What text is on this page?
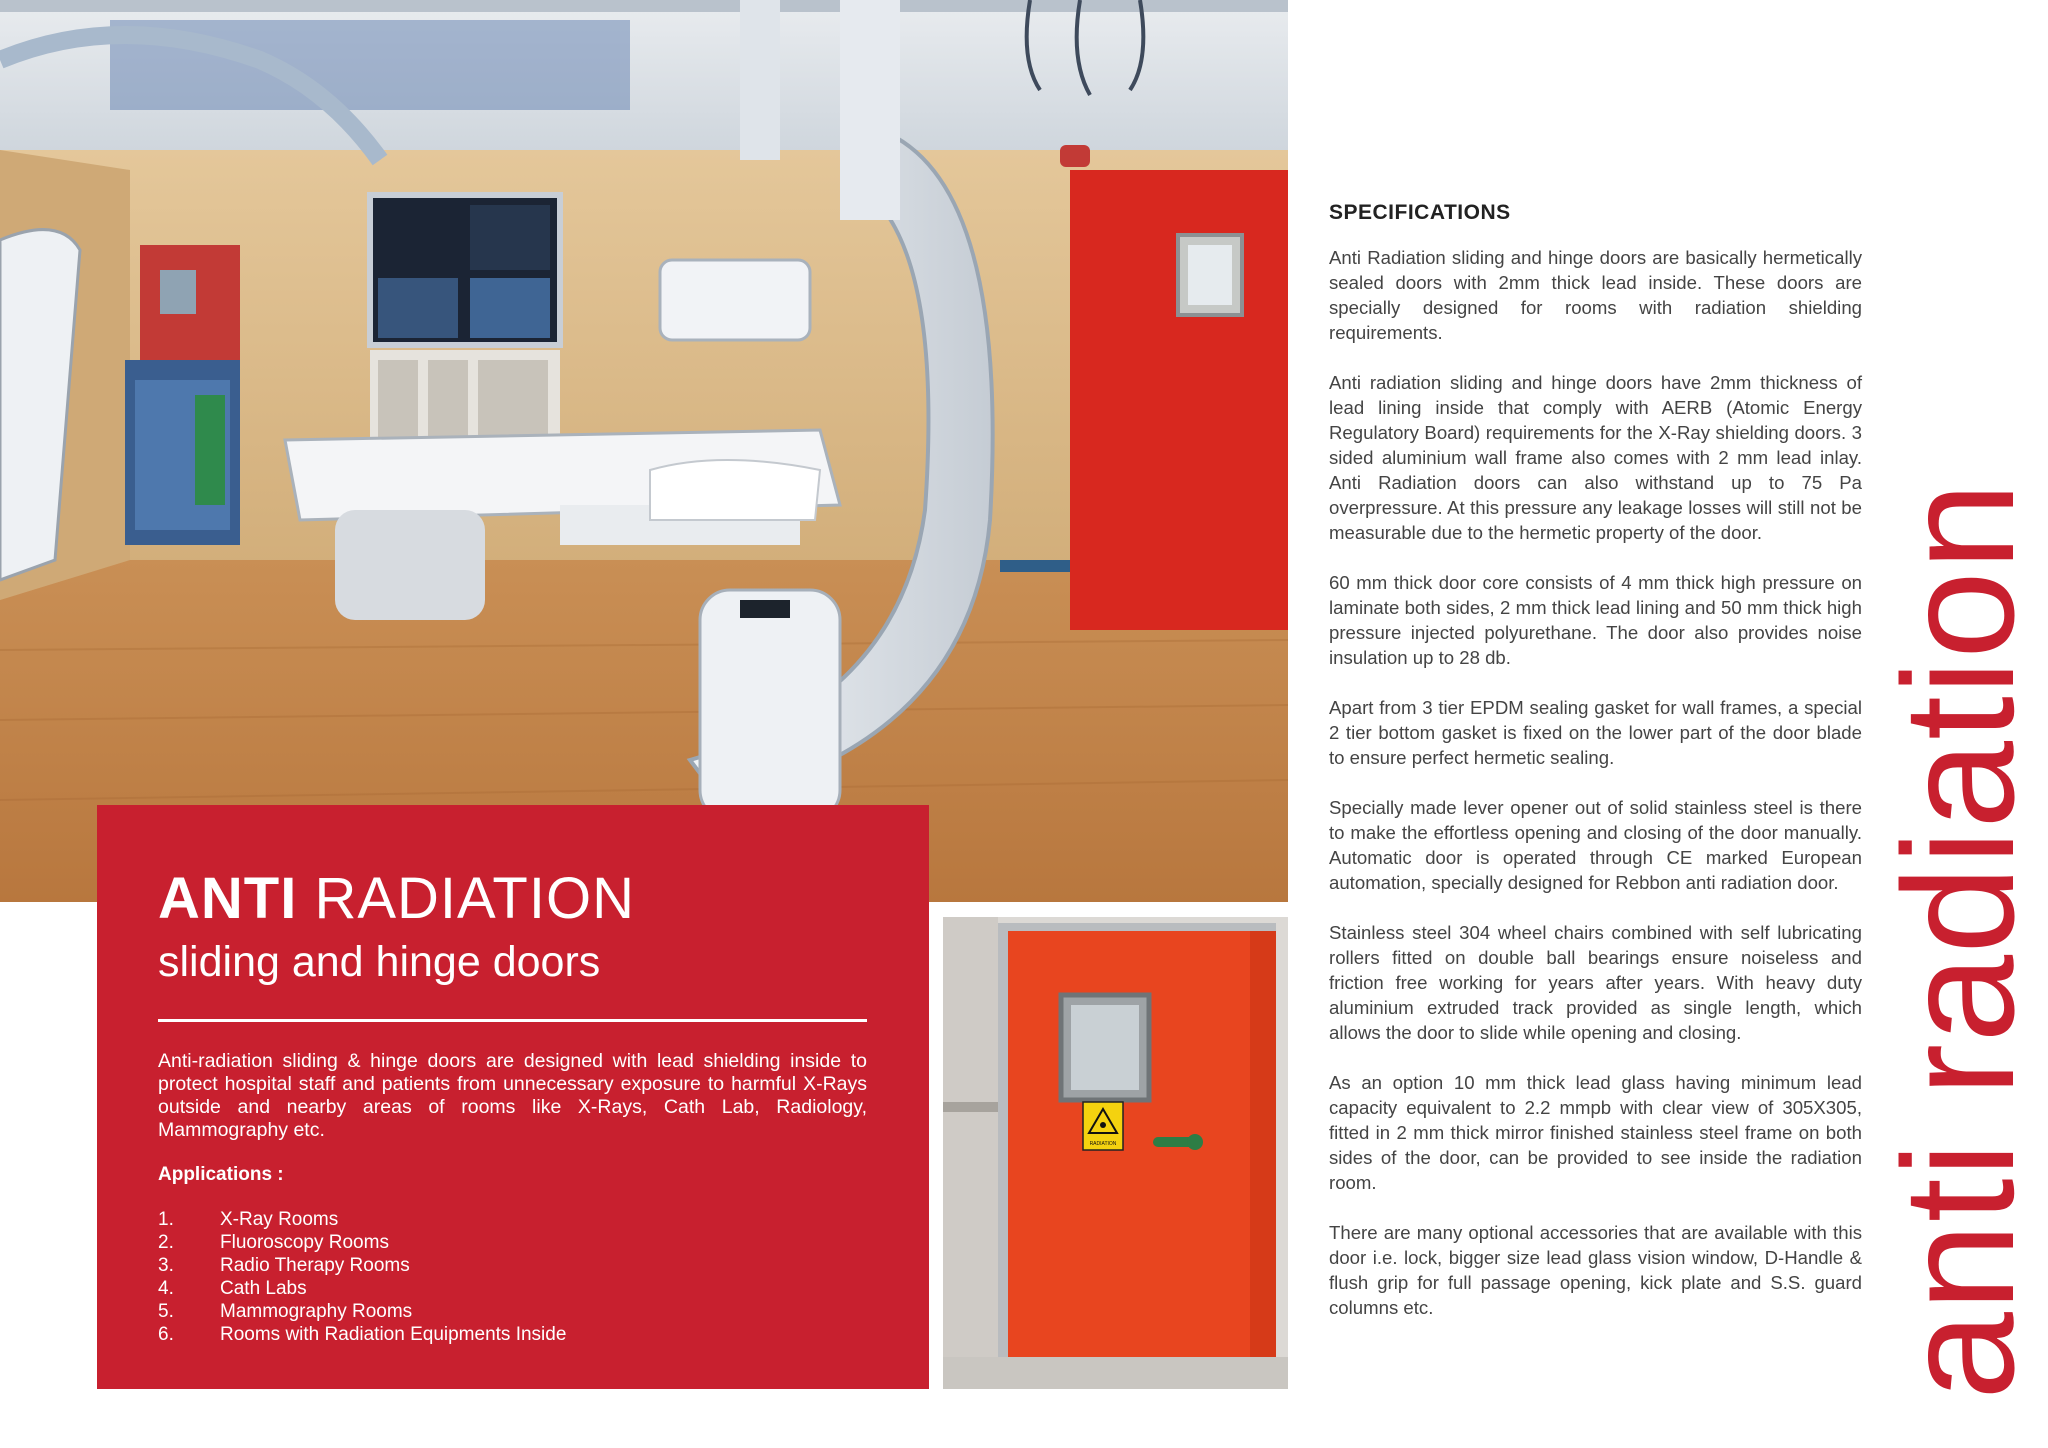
ANTI RADIATION
sliding and hinge doors
Anti-radiation sliding & hinge doors are designed with lead shielding inside to protect hospital staff and patients from unnecessary exposure to harmful X-Rays outside and nearby areas of rooms like X-Rays, Cath Lab, Radiology, Mammography etc.
Applications :
1.	X-Ray Rooms
2.	Fluoroscopy Rooms
3.	Radio Therapy Rooms
4.	Cath Labs
5.	Mammography Rooms
6.	Rooms with Radiation Equipments Inside
RADIATION
SPECIFICATIONS

Anti Radiation sliding and hinge doors are basically hermetically sealed doors with 2mm thick lead inside. These doors are specially designed for rooms with radiation shielding requirements.

Anti radiation sliding and hinge doors have 2mm thickness of lead lining inside that comply with AERB (Atomic Energy Regulatory Board) requirements for the X-Ray shielding doors. 3 sided aluminium wall frame also comes with 2 mm lead inlay. Anti Radiation doors can also withstand up to 75 Pa overpressure. At this pressure any leakage losses will still not be measurable due to the hermetic property of the door.

60 mm thick door core consists of 4 mm thick high pressure on laminate both sides, 2 mm thick lead lining and 50 mm thick high pressure injected polyurethane. The door also provides noise insulation up to 28 db.

Apart from 3 tier EPDM sealing gasket for wall frames, a special 2 tier bottom gasket is fixed on the lower part of the door blade to ensure perfect hermetic sealing.

Specially made lever opener out of solid stainless steel is there to make the effortless opening and closing of the door manually. Automatic door is operated through CE marked European automation, specially designed for Rebbon anti radiation door.

Stainless steel 304 wheel chairs combined with self lubricating rollers fitted on double ball bearings ensure noiseless and friction free working for years after years. With heavy duty aluminium extruded track provided as single length, which allows the door to slide while opening and closing.

As an option 10 mm thick lead glass having minimum lead capacity equivalent to 2.2 mmpb with clear view of 305X305, fitted in 2 mm thick mirror finished stainless steel frame on both sides of the door, can be provided to see inside the radiation room.

There are many optional accessories that are available with this door i.e. lock, bigger size lead glass vision window, D-Handle & flush grip for full passage opening, kick plate and S.S. guard columns etc.	anti radiation
